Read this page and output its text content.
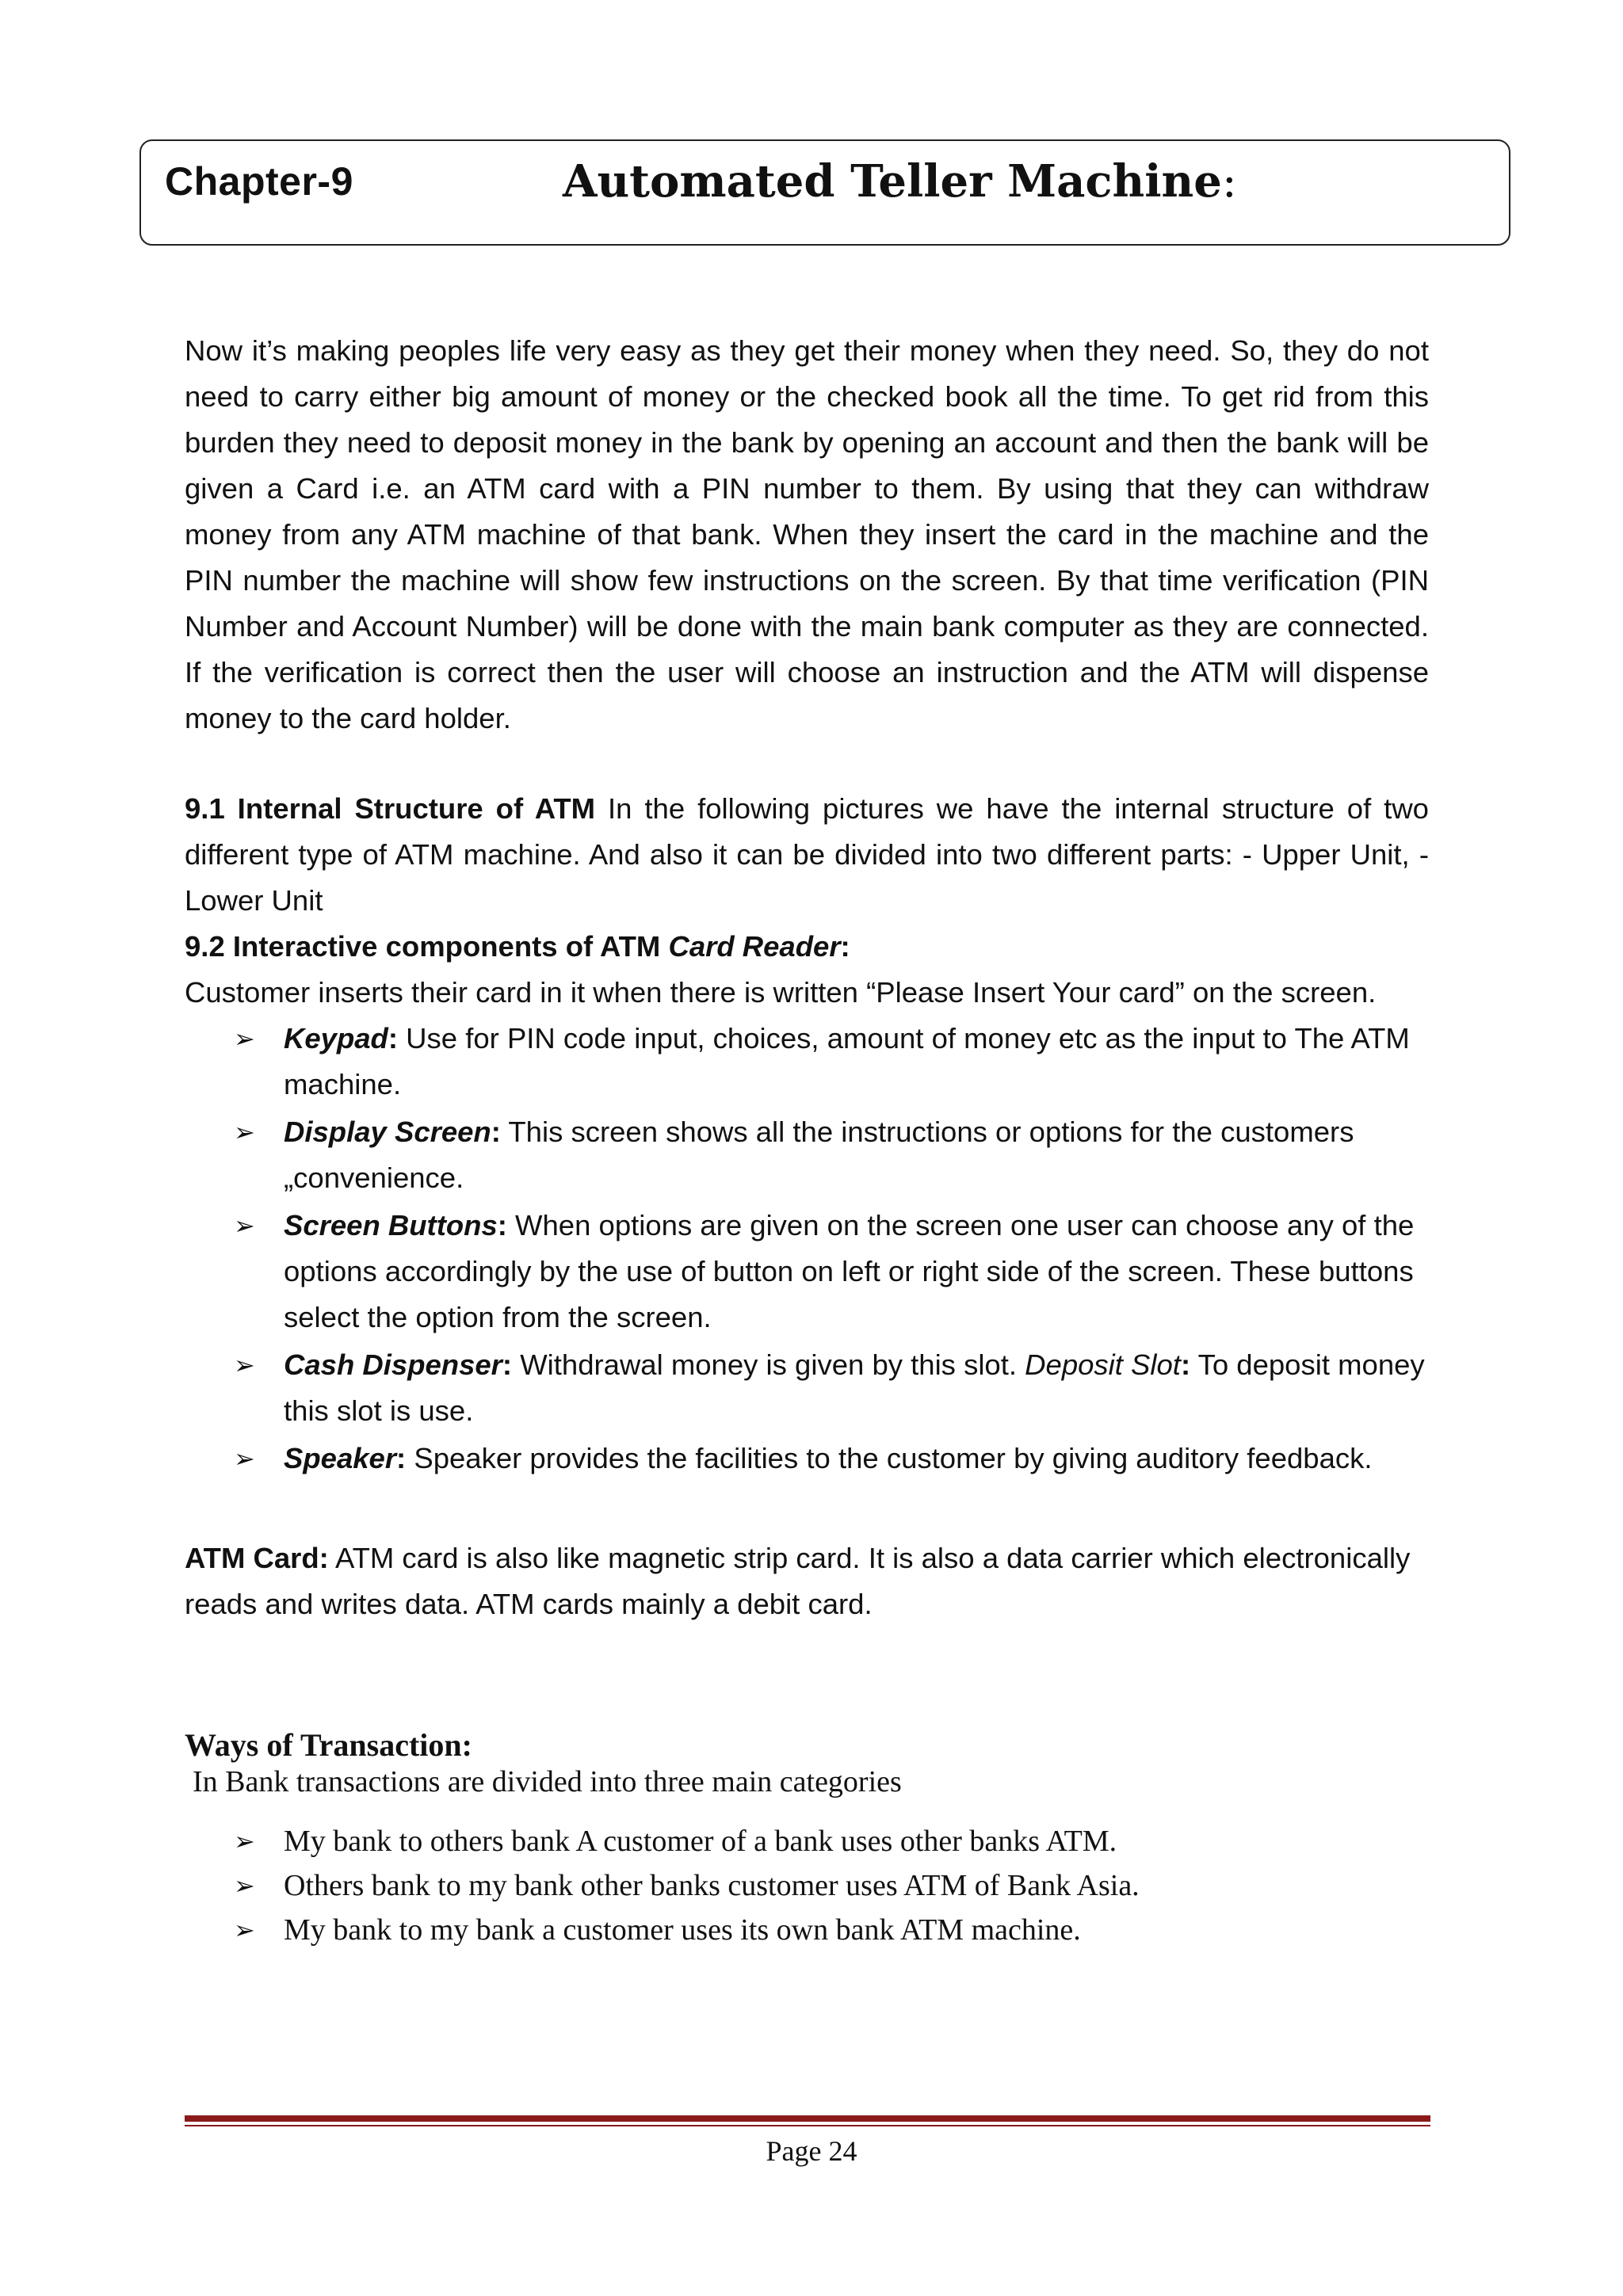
Chapter-9	Automated Teller Machine:

Now it’s making peoples life very easy as they get their money when they need. So, they do not need to carry either big amount of money or the checked book all the time. To get rid from this burden they need to deposit money in the bank by opening an account and then the bank will be given a Card i.e. an ATM card with a PIN number to them. By using that they can withdraw money from any ATM machine of that bank. When they insert the card in the machine and the PIN number the machine will show few instructions on the screen. By that time verification (PIN Number and Account Number) will be done with the main bank computer as they are connected. If the verification is correct then the user will choose an instruction and the ATM will dispense money to the card holder.

9.1 Internal Structure of ATM In the following pictures we have the internal structure of two different type of ATM machine. And also it can be divided into two different parts: - Upper Unit, -Lower Unit

9.2 Interactive components of ATM Card Reader:

Customer inserts their card in it when there is written “Please Insert Your card” on the screen.

➢ Keypad: Use for PIN code input, choices, amount of money etc as the input to The ATM machine.
➢ Display Screen: This screen shows all the instructions or options for the customers „convenience.
➢ Screen Buttons: When options are given on the screen one user can choose any of the options accordingly by the use of button on left or right side of the screen. These buttons select the option from the screen.
➢ Cash Dispenser: Withdrawal money is given by this slot. Deposit Slot: To deposit money this slot is use.
➢ Speaker: Speaker provides the facilities to the customer by giving auditory feedback.

ATM Card: ATM card is also like magnetic strip card. It is also a data carrier which electronically reads and writes data. ATM cards mainly a debit card.

Ways of Transaction:

In Bank transactions are divided into three main categories

➢ My bank to others bank A customer of a bank uses other banks ATM.
➢ Others bank to my bank other banks customer uses ATM of Bank Asia.
➢ My bank to my bank a customer uses its own bank ATM machine.
Page 24
